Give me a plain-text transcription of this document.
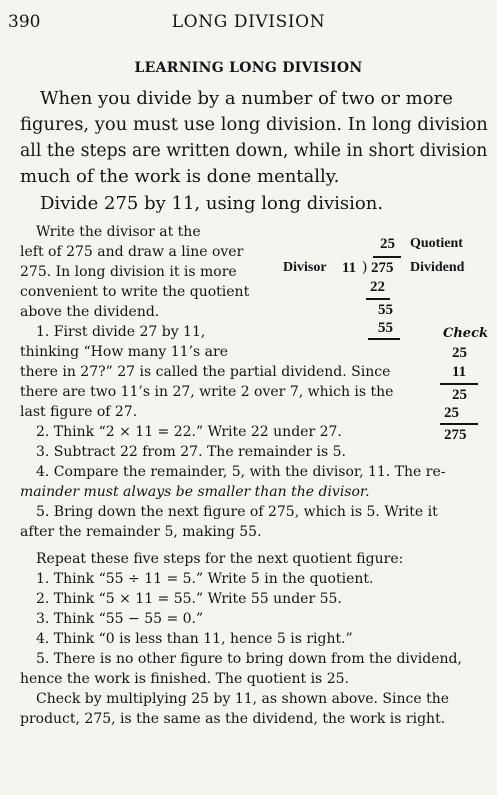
390	LONG DIVISION
LEARNING LONG DIVISION
When you divide by a number of two or more
figures, you must use long division. In long division
all the steps are written down, while in short division
much of the work is done mentally.
Divide 275 by 11, using long division.
Write the divisor at the
left of 275 and draw a line over
275. In long division it is more
convenient to write the quotient
above the dividend.
1. First divide 27 by 11,
thinking “How many 11’s are
25 Quotient
Divisor 11 ) 275 Dividend
22
55
55	Check
25
11
25
25
275
there in 27?” 27 is called the partial dividend. Since
there are two 11’s in 27, write 2 over 7, which is the
last figure of 27.
2. Think “2 × 11 = 22.” Write 22 under 27.
3. Subtract 22 from 27. The remainder is 5.
4. Compare the remainder, 5, with the divisor, 11. The re-
mainder must always be smaller than the divisor.
5. Bring down the next figure of 275, which is 5. Write it
after the remainder 5, making 55.
Repeat these five steps for the next quotient figure:
1. Think “55 ÷ 11 = 5.” Write 5 in the quotient.
2. Think “5 × 11 = 55.” Write 55 under 55.
3. Think “55 − 55 = 0.”
4. Think “0 is less than 11, hence 5 is right.”
5. There is no other figure to bring down from the dividend,
hence the work is finished. The quotient is 25.
Check by multiplying 25 by 11, as shown above. Since the
product, 275, is the same as the dividend, the work is right.
